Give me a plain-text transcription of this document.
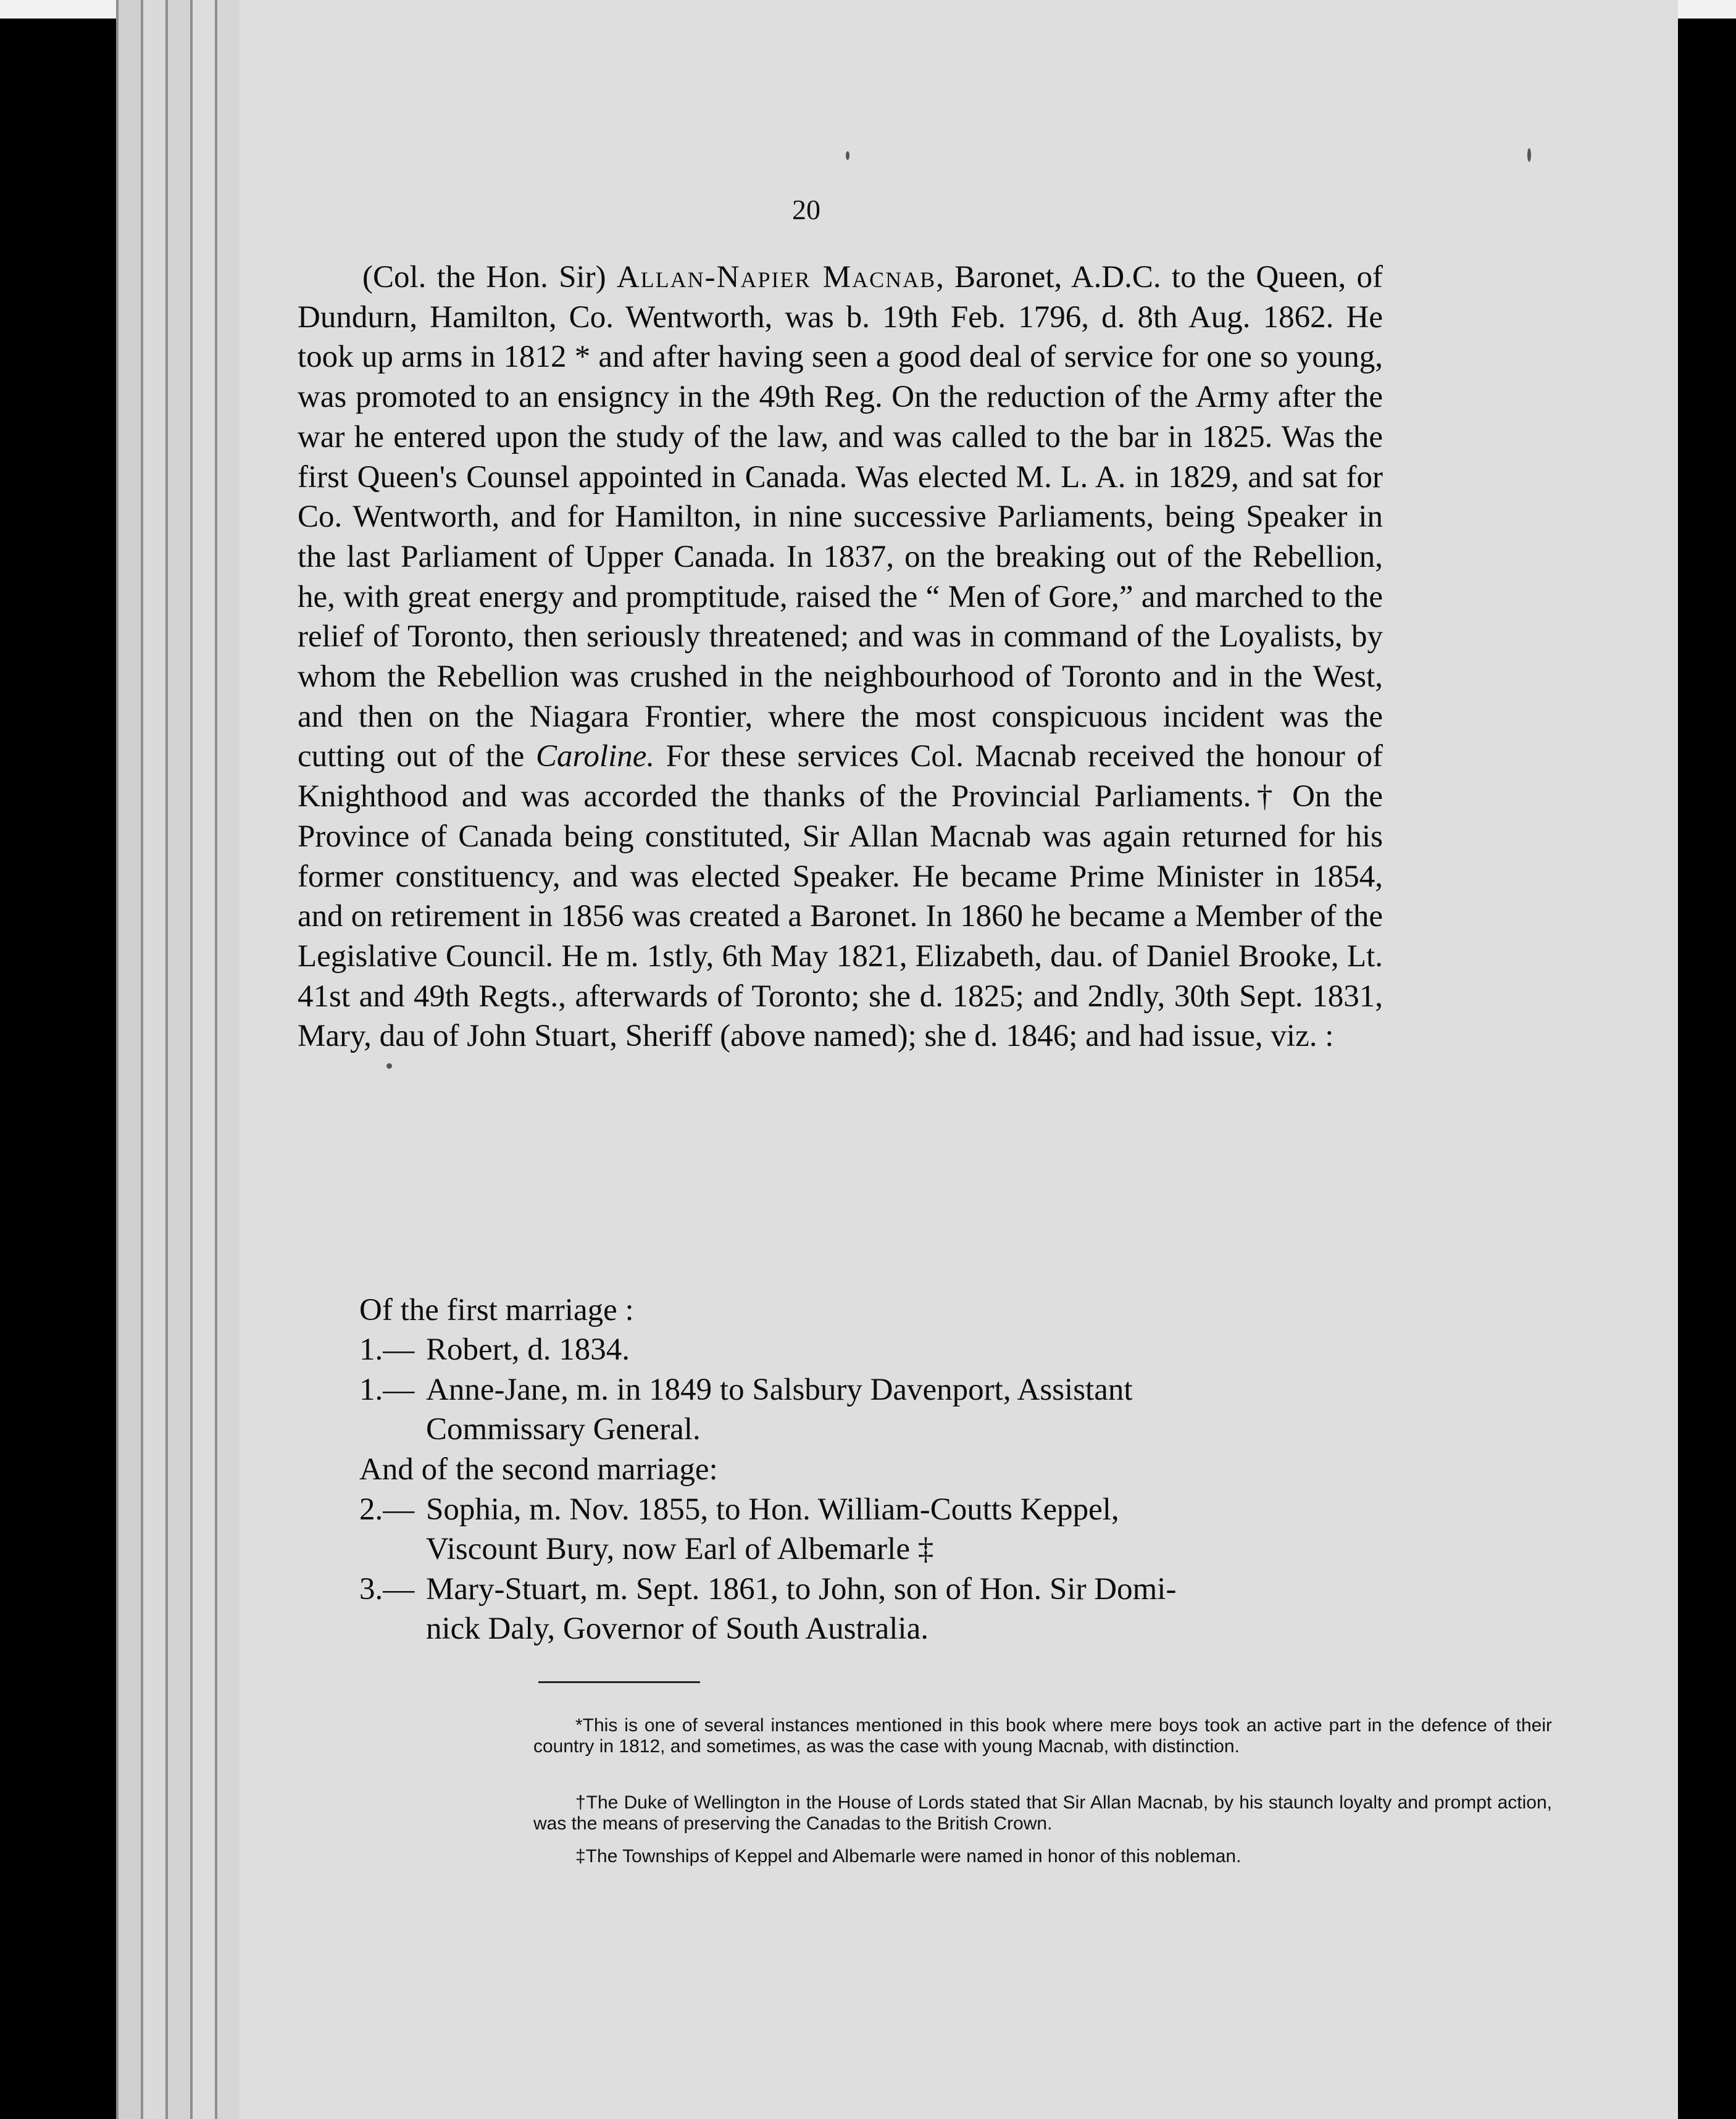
20

(Col. the Hon. Sir) Allan-Napier Macnab, Baronet, A.D.C. to the Queen, of Dundurn, Hamilton, Co. Wentworth, was b. 19th Feb. 1796, d. 8th Aug. 1862. He took up arms in 1812 * and after having seen a good deal of service for one so young, was promoted to an ensigncy in the 49th Reg. On the reduction of the Army after the war he entered upon the study of the law, and was called to the bar in 1825. Was the first Queen's Counsel appointed in Canada. Was elected M. L. A. in 1829, and sat for Co. Wentworth, and for Hamilton, in nine successive Parliaments, being Speaker in the last Parliament of Upper Canada. In 1837, on the breaking out of the Rebellion, he, with great energy and promptitude, raised the “ Men of Gore,” and marched to the relief of Toronto, then seriously threatened; and was in command of the Loyalists, by whom the Rebellion was crushed in the neighbourhood of Toronto and in the West, and then on the Niagara Frontier, where the most conspicuous incident was the cutting out of the Caroline. For these services Col. Macnab received the honour of Knighthood and was accorded the thanks of the Provincial Parliaments.† On the Province of Canada being constituted, Sir Allan Macnab was again returned for his former constituency, and was elected Speaker. He became Prime Minister in 1854, and on retirement in 1856 was created a Baronet. In 1860 he became a Member of the Legislative Council. He m. 1stly, 6th May 1821, Elizabeth, dau. of Daniel Brooke, Lt. 41st and 49th Regts., afterwards of Toronto; she d. 1825; and 2ndly, 30th Sept. 1831, Mary, dau of John Stuart, Sheriff (above named); she d. 1846; and had issue, viz. :

Of the first marriage :
1.— Robert, d. 1834.
1.— Anne-Jane, m. in 1849 to Salsbury Davenport, Assistant
Commissary General.
And of the second marriage:
2.— Sophia, m. Nov. 1855, to Hon. William-Coutts Keppel,
Viscount Bury, now Earl of Albemarle ‡
3.— Mary-Stuart, m. Sept. 1861, to John, son of Hon. Sir Domi-
nick Daly, Governor of South Australia.

*This is one of several instances mentioned in this book where mere boys took an active part in the defence of their country in 1812, and sometimes, as was the case with young Macnab, with distinction.

†The Duke of Wellington in the House of Lords stated that Sir Allan Macnab, by his staunch loyalty and prompt action, was the means of preserving the Canadas to the British Crown.

‡The Townships of Keppel and Albemarle were named in honor of this nobleman.
